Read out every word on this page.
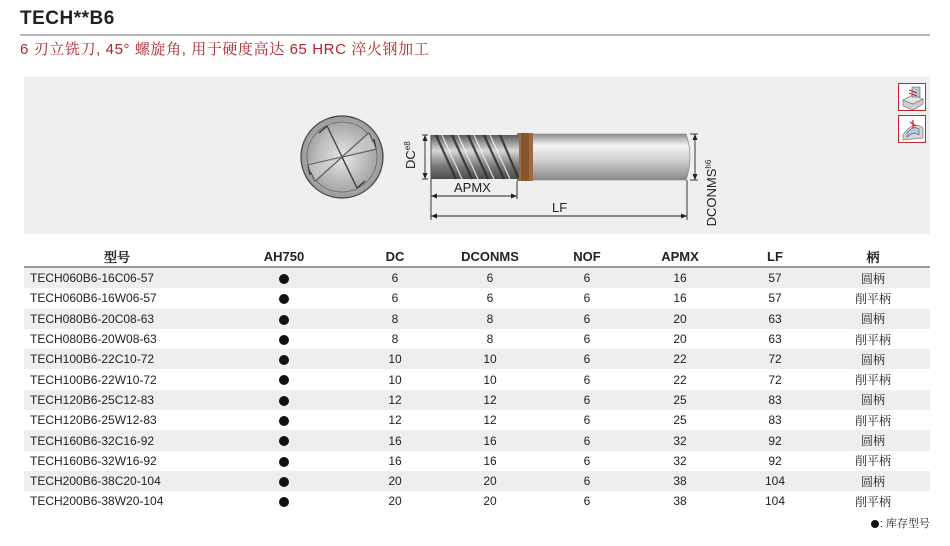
TECH**B6
6 刃立铣刀, 45° 螺旋角, 用于硬度高达 65 HRC 淬火钢加工
$DC^{e8}$
APMX
LF	$DCONMS^{h6}$
型号	AH750	DC	DCONMS	NOF	APMX	LF	柄
TECH060B6-16C06-57		6	6	6	16	57	圆柄
TECH060B6-16W06-57		6	6	6	16	57	削平柄
TECH080B6-20C08-63		8	8	6	20	63	圆柄
TECH080B6-20W08-63		8	8	6	20	63	削平柄
TECH100B6-22C10-72		10	10	6	22	72	圆柄
TECH100B6-22W10-72		10	10	6	22	72	削平柄
TECH120B6-25C12-83		12	12	6	25	83	圆柄
TECH120B6-25W12-83		12	12	6	25	83	削平柄
TECH160B6-32C16-92		16	16	6	32	92	圆柄
TECH160B6-32W16-92		16	16	6	32	92	削平柄
TECH200B6-38C20-104		20	20	6	38	104	圆柄
TECH200B6-38W20-104		20	20	6	38	104	削平柄
: 库存型号
